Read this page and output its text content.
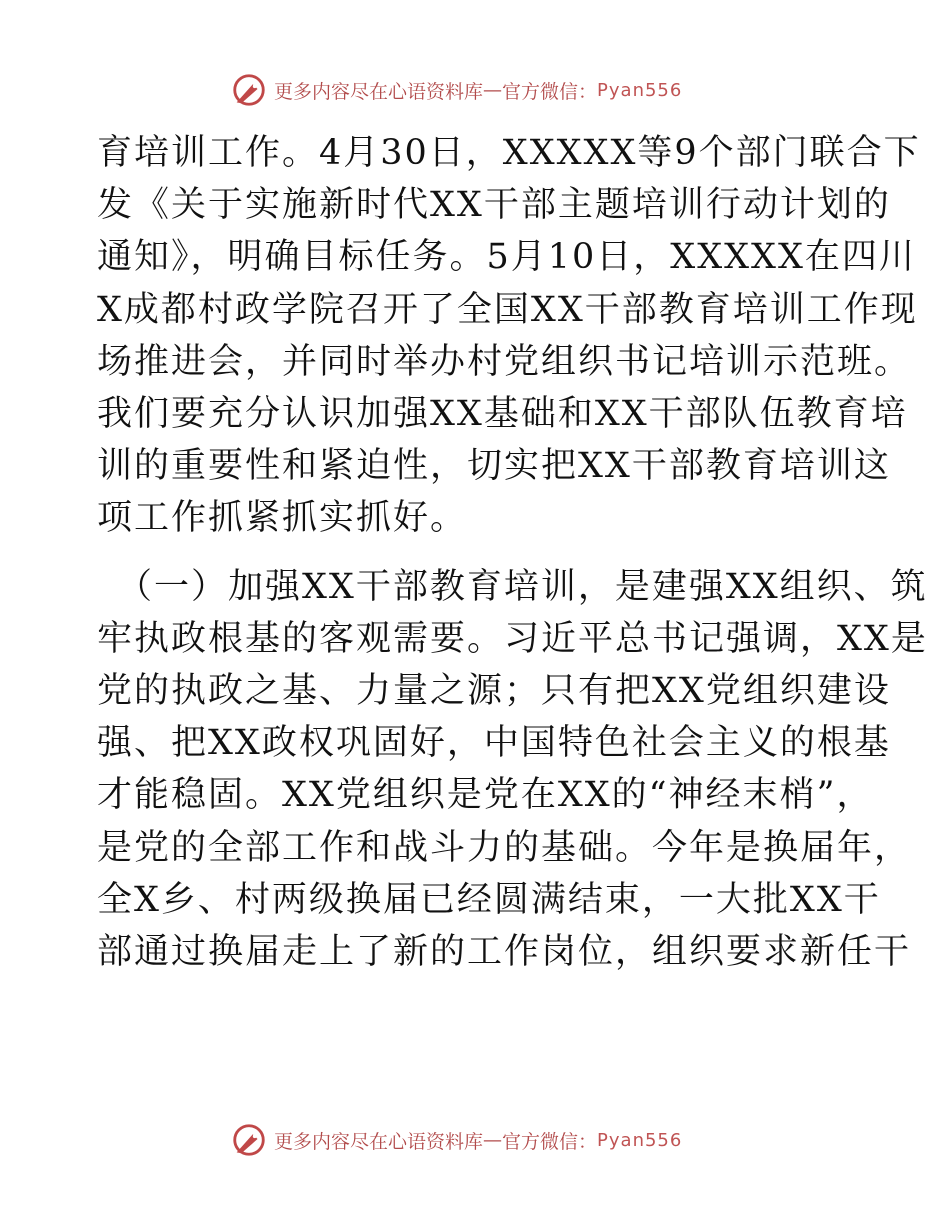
更多内容尽在心语资料库 — 官方微信： Pyan556

育培训工作。4月30日，XXXXX等9个部门联合下
发《关于实施新时代XX干部主题培训行动计划的
通知》，明确目标任务。5月10日，XXXXX在四川
X成都村政学院召开了全国XX干部教育培训工作现
场推进会，并同时举办村党组织书记培训示范班。
我们要充分认识加强XX基础和XX干部队伍教育培
训的重要性和紧迫性，切实把XX干部教育培训这
项工作抓紧抓实抓好。

（一）加强XX干部教育培训，是建强XX组织、筑
牢执政根基的客观需要。习近平总书记强调，XX是
党的执政之基、力量之源；只有把XX党组织建设
强、把XX政权巩固好，中国特色社会主义的根基
才能稳固。XX党组织是党在XX的“神经末梢”，
是党的全部工作和战斗力的基础。今年是换届年，
全X乡、村两级换届已经圆满结束，一大批XX干
部通过换届走上了新的工作岗位，组织要求新任干

更多内容尽在心语资料库 — 官方微信： Pyan556
